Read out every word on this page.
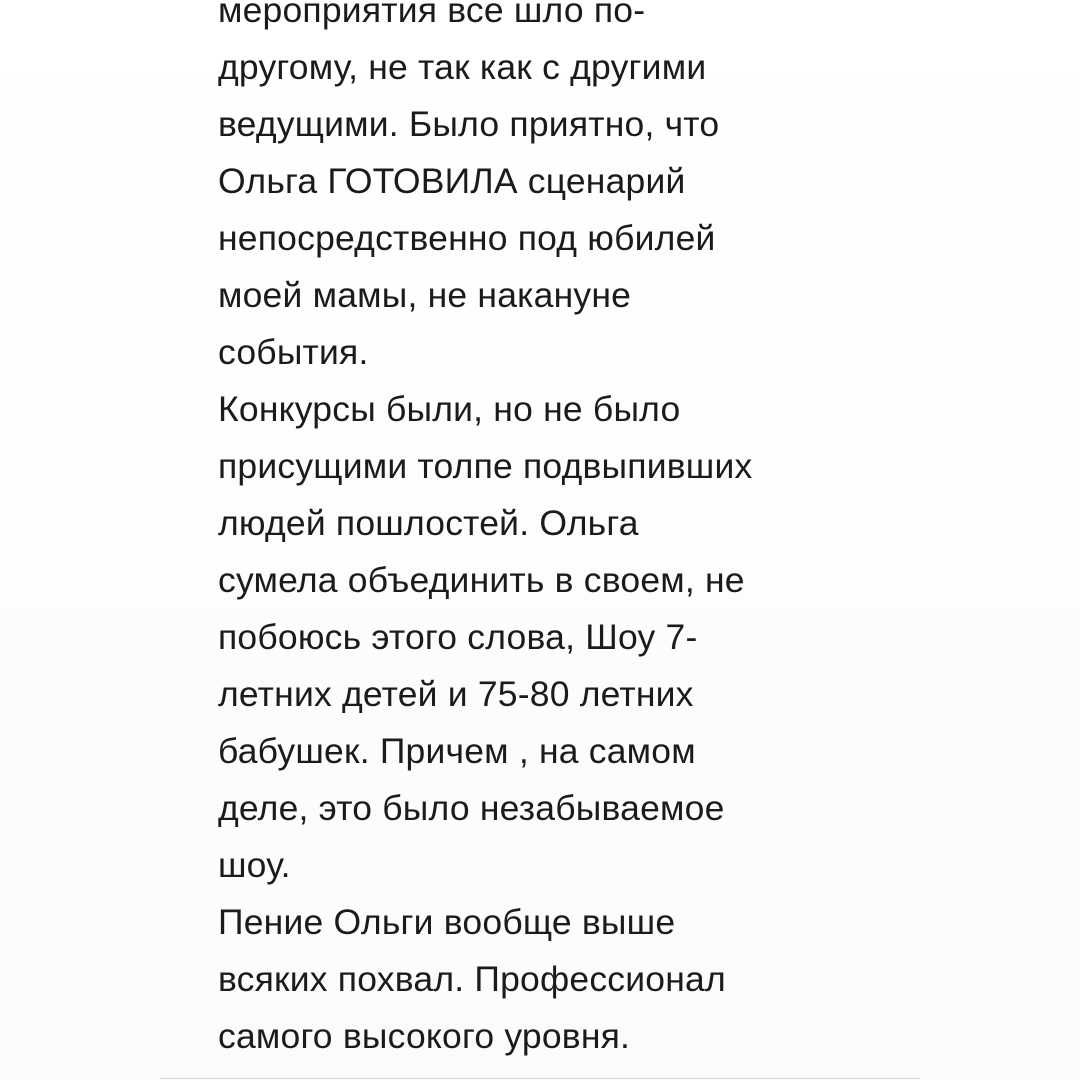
мероприятия все шло по-
другому, не так как с другими
ведущими. Было приятно, что
Ольга ГОТОВИЛА сценарий
непосредственно под юбилей
моей мамы, не накануне
события.
Конкурсы были, но не было
присущими толпе подвыпивших
людей пошлостей. Ольга
сумела объединить в своем, не
побоюсь этого слова, Шоу 7-
летних детей и 75-80 летних
бабушек. Причем , на самом
деле, это было незабываемое
шоу.
Пение Ольги вообще выше
всяких похвал. Профессионал
самого высокого уровня.
